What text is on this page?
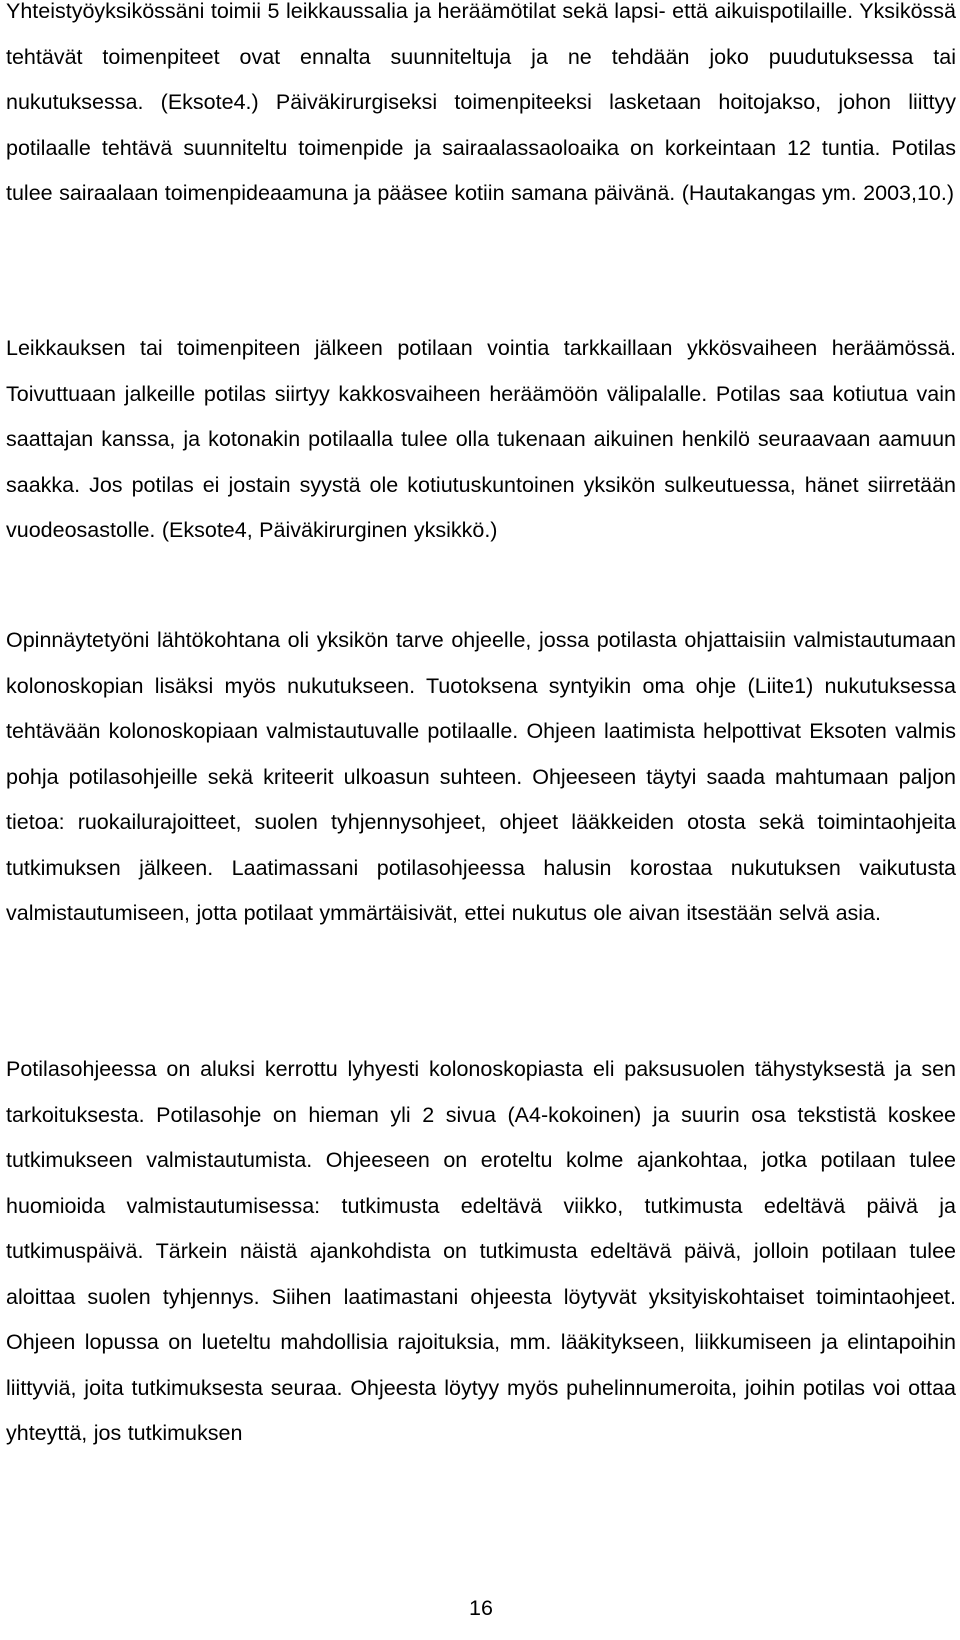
Yhteistyöyksikössäni toimii 5 leikkaussalia ja heräämötilat sekä lapsi- että aikuispotilaille. Yksikössä tehtävät toimenpiteet ovat ennalta suunniteltuja ja ne tehdään joko puudutuksessa tai nukutuksessa. (Eksote4.) Päiväkirurgiseksi toimenpiteeksi lasketaan hoitojakso, johon liittyy potilaalle tehtävä suunniteltu toimenpide ja sairaalassaoloaika on korkeintaan 12 tuntia. Potilas tulee sairaalaan toimenpideaamuna ja pääsee kotiin samana päivänä. (Hautakangas ym. 2003,10.)

Leikkauksen tai toimenpiteen jälkeen potilaan vointia tarkkaillaan ykkösvaiheen heräämössä. Toivuttuaan jalkeille potilas siirtyy kakkosvaiheen heräämöön välipalalle. Potilas saa kotiutua vain saattajan kanssa, ja kotonakin potilaalla tulee olla tukenaan aikuinen henkilö seuraavaan aamuun saakka. Jos potilas ei jostain syystä ole kotiutuskuntoinen yksikön sulkeutuessa, hänet siirretään vuodeosastolle. (Eksote4, Päiväkirurginen yksikkö.)

Opinnäytetyöni lähtökohtana oli yksikön tarve ohjeelle, jossa potilasta ohjattaisiin valmistautumaan kolonoskopian lisäksi myös nukutukseen. Tuotoksena syntyikin oma ohje (Liite1) nukutuksessa tehtävään kolonoskopiaan valmistautuvalle potilaalle. Ohjeen laatimista helpottivat Eksoten valmis pohja potilasohjeille sekä kriteerit ulkoasun suhteen. Ohjeeseen täytyi saada mahtumaan paljon tietoa: ruokailurajoitteet, suolen tyhjennysohjeet, ohjeet lääkkeiden otosta sekä toimintaohjeita tutkimuksen jälkeen. Laatimassani potilasohjeessa halusin korostaa nukutuksen vaikutusta valmistautumiseen, jotta potilaat ymmärtäisivät, ettei nukutus ole aivan itsestään selvä asia.

Potilasohjeessa on aluksi kerrottu lyhyesti kolonoskopiasta eli paksusuolen tähystyksestä ja sen tarkoituksesta. Potilasohje on hieman yli 2 sivua (A4-kokoinen) ja suurin osa tekstistä koskee tutkimukseen valmistautumista. Ohjeeseen on eroteltu kolme ajankohtaa, jotka potilaan tulee huomioida valmistautumisessa: tutkimusta edeltävä viikko, tutkimusta edeltävä päivä ja tutkimuspäivä. Tärkein näistä ajankohdista on tutkimusta edeltävä päivä, jolloin potilaan tulee aloittaa suolen tyhjennys. Siihen laatimastani ohjeesta löytyvät yksityiskohtaiset toimintaohjeet. Ohjeen lopussa on lueteltu mahdollisia rajoituksia, mm. lääkitykseen, liikkumiseen ja elintapoihin liittyviä, joita tutkimuksesta seuraa. Ohjeesta löytyy myös puhelinnumeroita, joihin potilas voi ottaa yhteyttä, jos tutkimuksen

16
